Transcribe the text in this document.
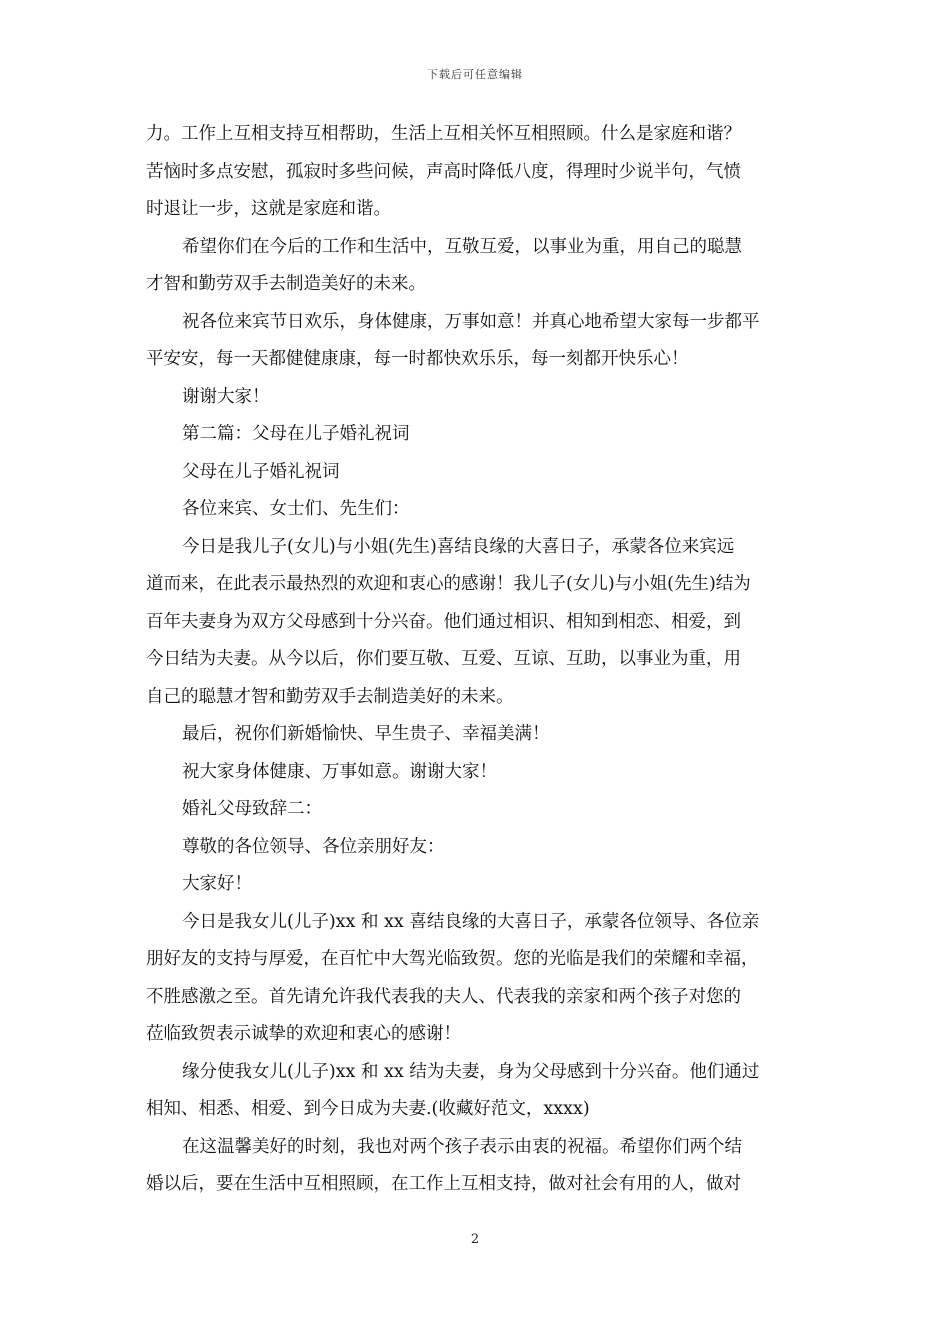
下载后可任意编辑
力。工作上互相支持互相帮助，生活上互相关怀互相照顾。什么是家庭和谐？
苦恼时多点安慰，孤寂时多些问候，声高时降低八度，得理时少说半句，气愤
时退让一步，这就是家庭和谐。
希望你们在今后的工作和生活中，互敬互爱，以事业为重，用自己的聪慧
才智和勤劳双手去制造美好的未来。
祝各位来宾节日欢乐，身体健康，万事如意！并真心地希望大家每一步都平
平安安，每一天都健健康康，每一时都快欢乐乐，每一刻都开快乐心！
谢谢大家！
第二篇：父母在儿子婚礼祝词
父母在儿子婚礼祝词
各位来宾、女士们、先生们：
今日是我儿子(女儿)与小姐(先生)喜结良缘的大喜日子，承蒙各位来宾远
道而来，在此表示最热烈的欢迎和衷心的感谢！我儿子(女儿)与小姐(先生)结为
百年夫妻身为双方父母感到十分兴奋。他们通过相识、相知到相恋、相爱，到
今日结为夫妻。从今以后，你们要互敬、互爱、互谅、互助，以事业为重，用
自己的聪慧才智和勤劳双手去制造美好的未来。
最后，祝你们新婚愉快、早生贵子、幸福美满！
祝大家身体健康、万事如意。谢谢大家！
婚礼父母致辞二：
尊敬的各位领导、各位亲朋好友：
大家好！
今日是我女儿(儿子)xx 和 xx 喜结良缘的大喜日子，承蒙各位领导、各位亲
朋好友的支持与厚爱，在百忙中大驾光临致贺。您的光临是我们的荣耀和幸福，
不胜感激之至。首先请允许我代表我的夫人、代表我的亲家和两个孩子对您的
莅临致贺表示诚挚的欢迎和衷心的感谢！
缘分使我女儿(儿子)xx 和 xx 结为夫妻，身为父母感到十分兴奋。他们通过
相知、相悉、相爱、到今日成为夫妻.(收藏好范文，xxxx)
在这温馨美好的时刻，我也对两个孩子表示由衷的祝福。希望你们两个结
婚以后，要在生活中互相照顾，在工作上互相支持，做对社会有用的人，做对
2
